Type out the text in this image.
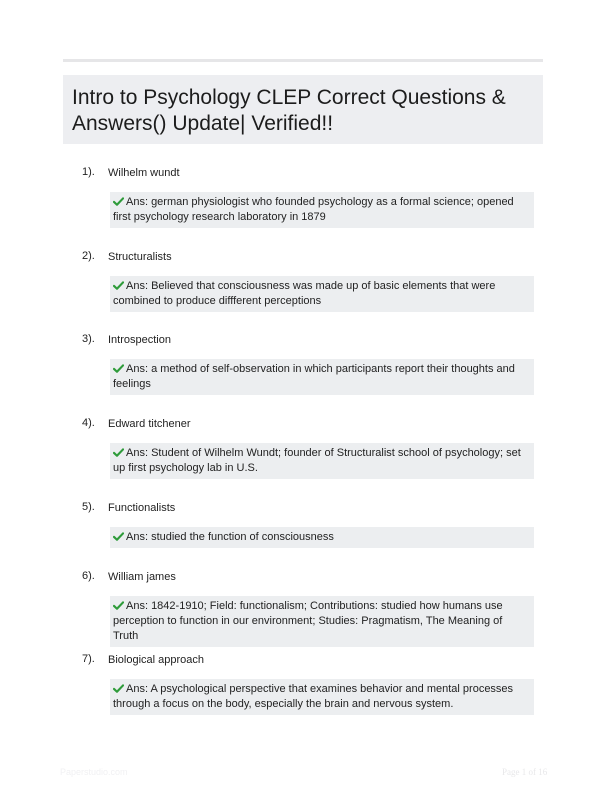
Intro to Psychology CLEP Correct Questions & Answers() Update| Verified!!
1). Wilhelm wundt
Ans: german physiologist who founded psychology as a formal science; opened first psychology research laboratory in 1879
2). Structuralists
Ans: Believed that consciousness was made up of basic elements that were combined to produce diffferent perceptions
3). Introspection
Ans: a method of self-observation in which participants report their thoughts and feelings
4). Edward titchener
Ans: Student of Wilhelm Wundt; founder of Structuralist school of psychology; set up first psychology lab in U.S.
5). Functionalists
Ans: studied the function of consciousness
6). William james
Ans: 1842-1910; Field: functionalism; Contributions: studied how humans use perception to function in our environment; Studies: Pragmatism, The Meaning of Truth
7). Biological approach
Ans: A psychological perspective that examines behavior and mental processes through a focus on the body, especially the brain and nervous system.
Paperstudio.com	Page 1 of 16
